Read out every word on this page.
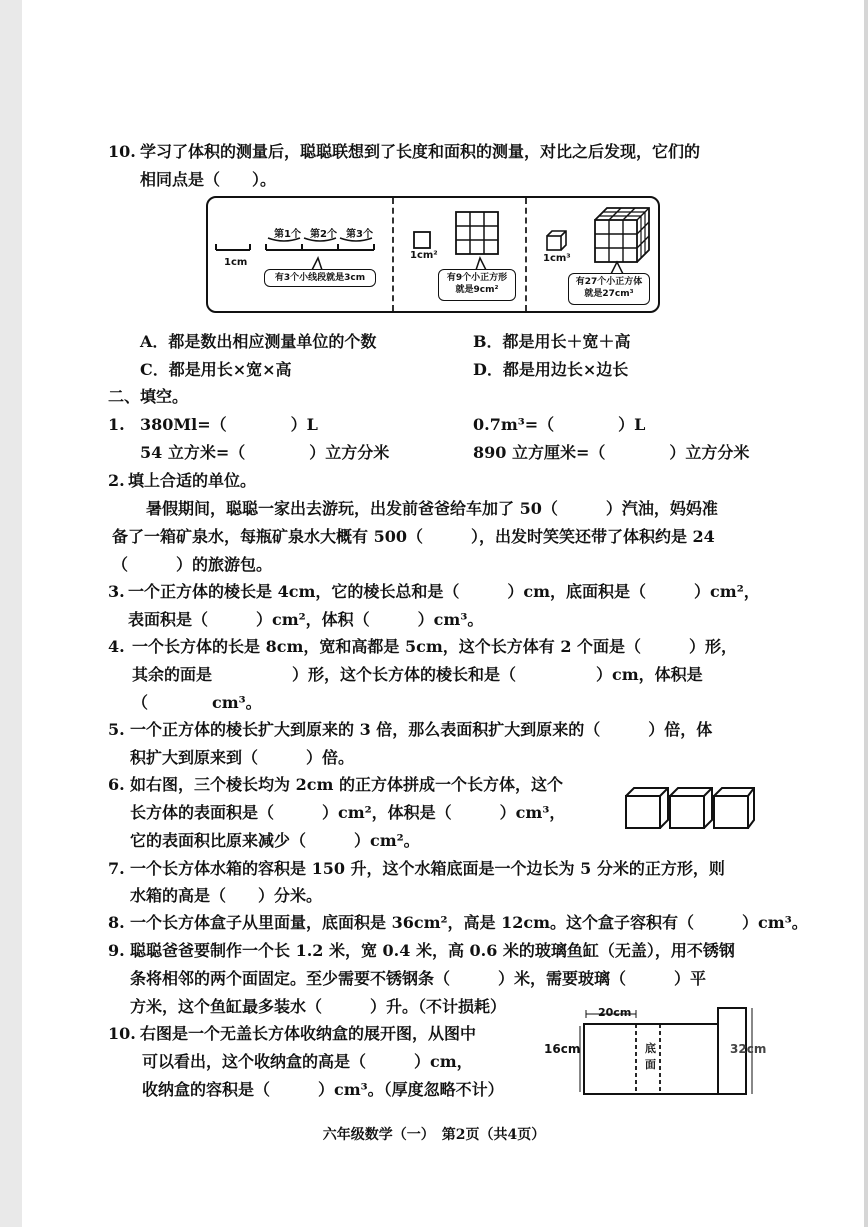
10. 学习了体积的测量后，聪聪联想到了长度和面积的测量，对比之后发现，它们的
相同点是（　　）。
1cm
第1个 第2个 第3个
有3个小线段就是3cm
1cm²
有9个小正方形
就是9cm²
1cm³
有27个小正方体
就是27cm³
A．都是数出相应测量单位的个数	B．都是用长＋宽＋高
C．都是用长×宽×高	D．都是用边长×边长
二、填空。
1. 380Ml=（　　　　）L	0.7m³=（　　　　）L
54 立方米=（　　　　）立方分米	890 立方厘米=（　　　　）立方分米
2. 填上合适的单位。
暑假期间，聪聪一家出去游玩，出发前爸爸给车加了 50（　　　）汽油，妈妈准
备了一箱矿泉水，每瓶矿泉水大概有 500（　　　），出发时笑笑还带了体积约是 24
（　　　）的旅游包。
3. 一个正方体的棱长是 4cm，它的棱长总和是（　　　）cm，底面积是（　　　）cm²，
表面积是（　　　）cm²，体积（　　　）cm³。
4. 一个长方体的长是 8cm，宽和高都是 5cm，这个长方体有 2 个面是（　　　）形，
其余的面是　　　　　）形，这个长方体的棱长和是（　　　　　）cm，体积是
（　　　　cm³。
5. 一个正方体的棱长扩大到原来的 3 倍，那么表面积扩大到原来的（　　　）倍，体
积扩大到原来到（　　　）倍。
6. 如右图，三个棱长均为 2cm 的正方体拼成一个长方体，这个
长方体的表面积是（　　　）cm²，体积是（　　　）cm³，
它的表面积比原来减少（　　　）cm²。
7. 一个长方体水箱的容积是 150 升，这个水箱底面是一个边长为 5 分米的正方形，则
水箱的高是（　　）分米。
8. 一个长方体盒子从里面量，底面积是 36cm²，高是 12cm。这个盒子容积有（　　　）cm³。
9. 聪聪爸爸要制作一个长 1.2 米，宽 0.4 米，高 0.6 米的玻璃鱼缸（无盖），用不锈钢
条将相邻的两个面固定。至少需要不锈钢条（　　　）米，需要玻璃（　　　）平
方米，这个鱼缸最多装水（　　　）升。（不计损耗）
10. 右图是一个无盖长方体收纳盒的展开图，从图中
可以看出，这个收纳盒的高是（　　　）cm，
收纳盒的容积是（　　　）cm³。（厚度忽略不计）
20cm
16cm	32cm
底
面
六年级数学（一）　第2页（共4页）
